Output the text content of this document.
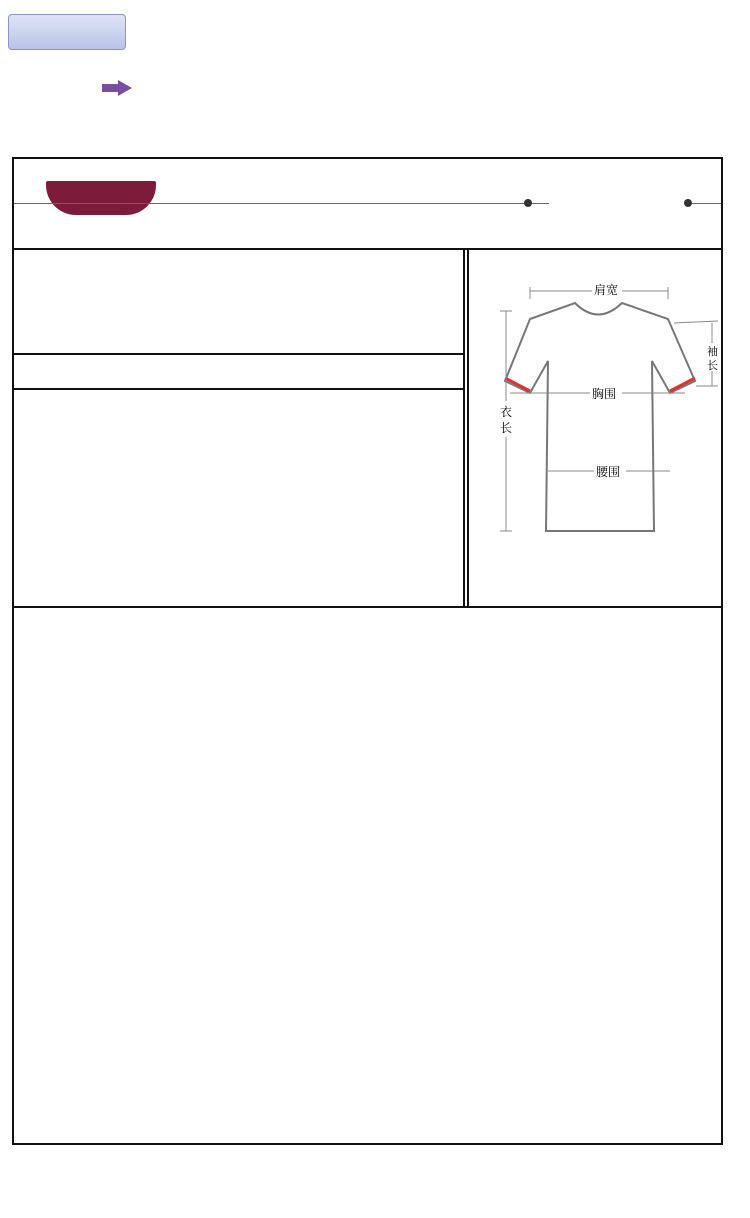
肩宽
袖
长
胸围
腰围
衣
长
